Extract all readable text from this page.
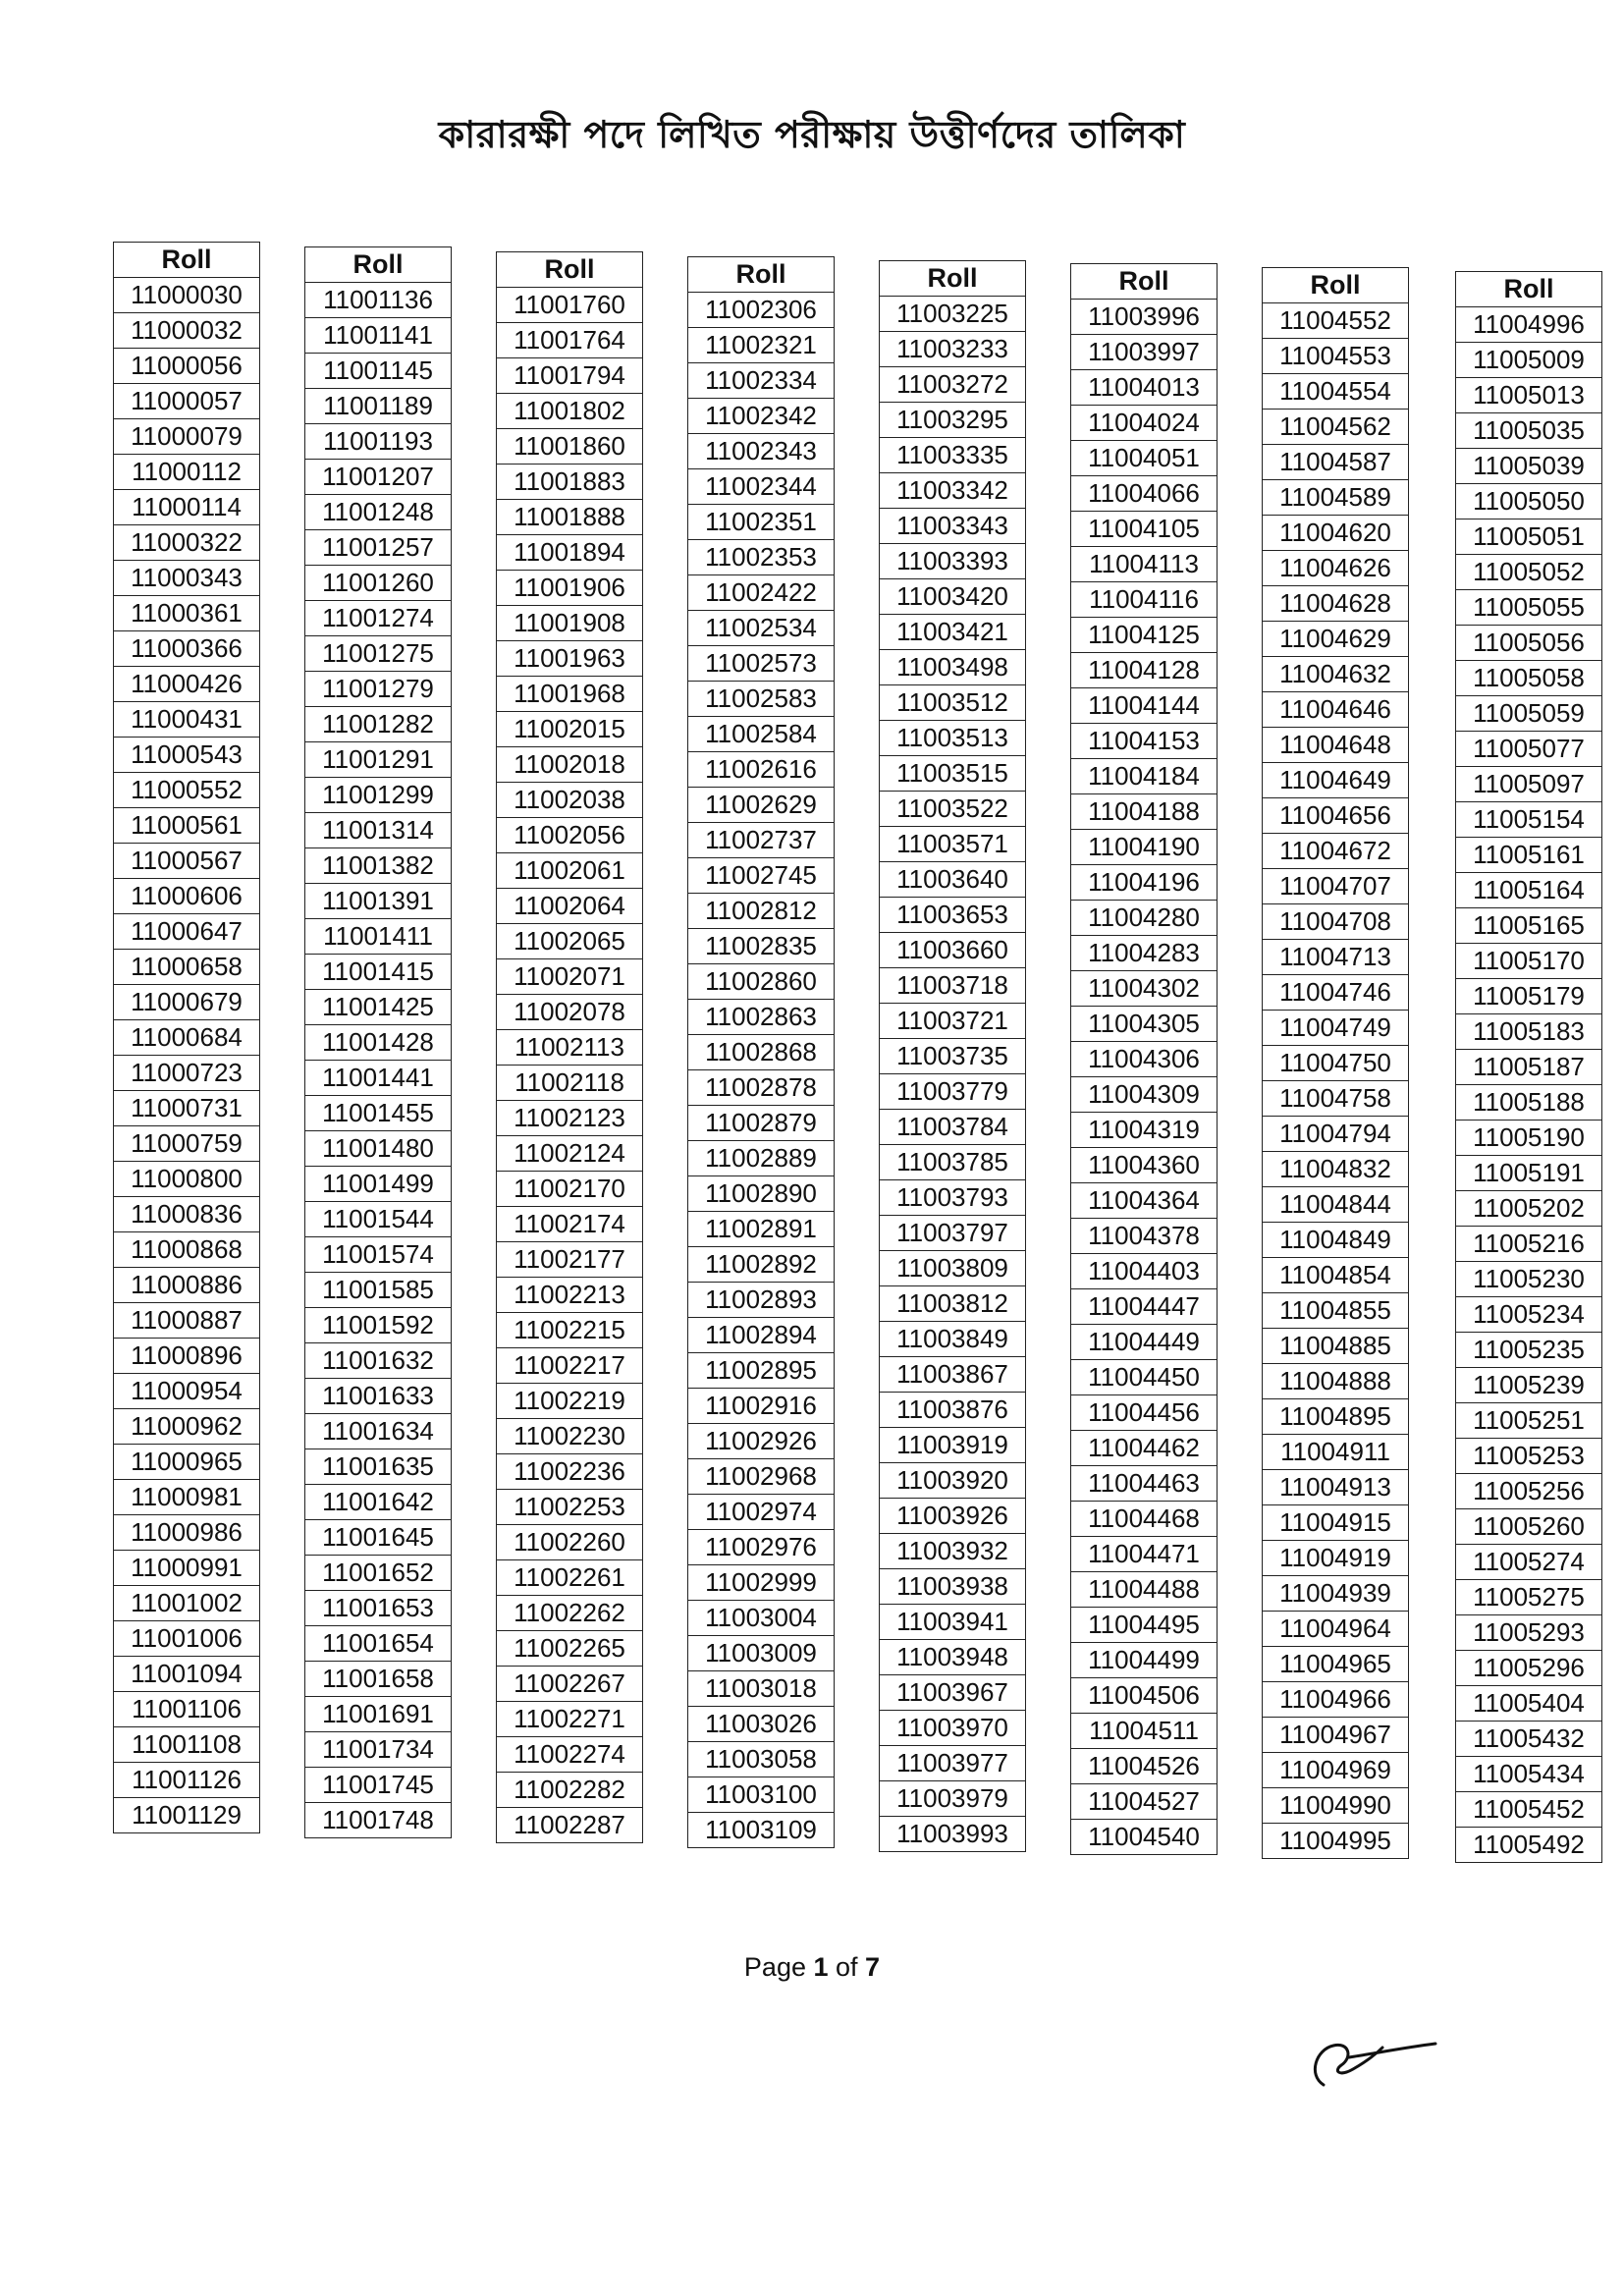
কারারক্ষী পদে লিখিত পরীক্ষায় উত্তীর্ণদের তালিকা
Roll
11000030
11000032
11000056
11000057
11000079
11000112
11000114
11000322
11000343
11000361
11000366
11000426
11000431
11000543
11000552
11000561
11000567
11000606
11000647
11000658
11000679
11000684
11000723
11000731
11000759
11000800
11000836
11000868
11000886
11000887
11000896
11000954
11000962
11000965
11000981
11000986
11000991
11001002
11001006
11001094
11001106
11001108
11001126
11001129
Roll
11001136
11001141
11001145
11001189
11001193
11001207
11001248
11001257
11001260
11001274
11001275
11001279
11001282
11001291
11001299
11001314
11001382
11001391
11001411
11001415
11001425
11001428
11001441
11001455
11001480
11001499
11001544
11001574
11001585
11001592
11001632
11001633
11001634
11001635
11001642
11001645
11001652
11001653
11001654
11001658
11001691
11001734
11001745
11001748
Roll
11001760
11001764
11001794
11001802
11001860
11001883
11001888
11001894
11001906
11001908
11001963
11001968
11002015
11002018
11002038
11002056
11002061
11002064
11002065
11002071
11002078
11002113
11002118
11002123
11002124
11002170
11002174
11002177
11002213
11002215
11002217
11002219
11002230
11002236
11002253
11002260
11002261
11002262
11002265
11002267
11002271
11002274
11002282
11002287
Roll
11002306
11002321
11002334
11002342
11002343
11002344
11002351
11002353
11002422
11002534
11002573
11002583
11002584
11002616
11002629
11002737
11002745
11002812
11002835
11002860
11002863
11002868
11002878
11002879
11002889
11002890
11002891
11002892
11002893
11002894
11002895
11002916
11002926
11002968
11002974
11002976
11002999
11003004
11003009
11003018
11003026
11003058
11003100
11003109
Roll
11003225
11003233
11003272
11003295
11003335
11003342
11003343
11003393
11003420
11003421
11003498
11003512
11003513
11003515
11003522
11003571
11003640
11003653
11003660
11003718
11003721
11003735
11003779
11003784
11003785
11003793
11003797
11003809
11003812
11003849
11003867
11003876
11003919
11003920
11003926
11003932
11003938
11003941
11003948
11003967
11003970
11003977
11003979
11003993
Roll
11003996
11003997
11004013
11004024
11004051
11004066
11004105
11004113
11004116
11004125
11004128
11004144
11004153
11004184
11004188
11004190
11004196
11004280
11004283
11004302
11004305
11004306
11004309
11004319
11004360
11004364
11004378
11004403
11004447
11004449
11004450
11004456
11004462
11004463
11004468
11004471
11004488
11004495
11004499
11004506
11004511
11004526
11004527
11004540
Roll
11004552
11004553
11004554
11004562
11004587
11004589
11004620
11004626
11004628
11004629
11004632
11004646
11004648
11004649
11004656
11004672
11004707
11004708
11004713
11004746
11004749
11004750
11004758
11004794
11004832
11004844
11004849
11004854
11004855
11004885
11004888
11004895
11004911
11004913
11004915
11004919
11004939
11004964
11004965
11004966
11004967
11004969
11004990
11004995
Roll
11004996
11005009
11005013
11005035
11005039
11005050
11005051
11005052
11005055
11005056
11005058
11005059
11005077
11005097
11005154
11005161
11005164
11005165
11005170
11005179
11005183
11005187
11005188
11005190
11005191
11005202
11005216
11005230
11005234
11005235
11005239
11005251
11005253
11005256
11005260
11005274
11005275
11005293
11005296
11005404
11005432
11005434
11005452
11005492
Page 1 of 7
